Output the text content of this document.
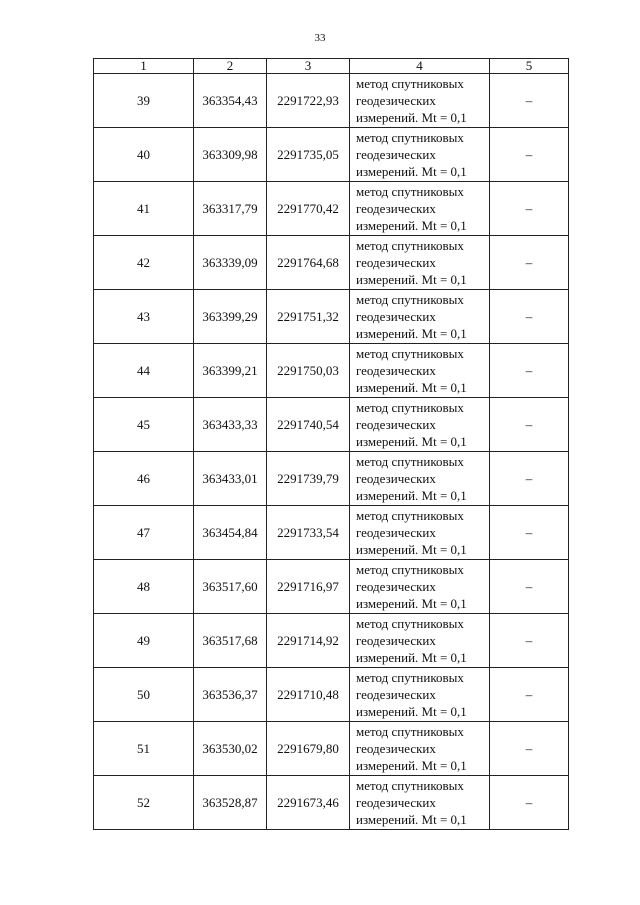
33
1	2	3	4	5
39	363354,43	2291722,93	метод спутниковых
геодезических
измерений. Mt = 0,1	–
40	363309,98	2291735,05	метод спутниковых
геодезических
измерений. Mt = 0,1	–
41	363317,79	2291770,42	метод спутниковых
геодезических
измерений. Mt = 0,1	–
42	363339,09	2291764,68	метод спутниковых
геодезических
измерений. Mt = 0,1	–
43	363399,29	2291751,32	метод спутниковых
геодезических
измерений. Mt = 0,1	–
44	363399,21	2291750,03	метод спутниковых
геодезических
измерений. Mt = 0,1	–
45	363433,33	2291740,54	метод спутниковых
геодезических
измерений. Mt = 0,1	–
46	363433,01	2291739,79	метод спутниковых
геодезических
измерений. Mt = 0,1	–
47	363454,84	2291733,54	метод спутниковых
геодезических
измерений. Mt = 0,1	–
48	363517,60	2291716,97	метод спутниковых
геодезических
измерений. Mt = 0,1	–
49	363517,68	2291714,92	метод спутниковых
геодезических
измерений. Mt = 0,1	–
50	363536,37	2291710,48	метод спутниковых
геодезических
измерений. Mt = 0,1	–
51	363530,02	2291679,80	метод спутниковых
геодезических
измерений. Mt = 0,1	–
52	363528,87	2291673,46	метод спутниковых
геодезических
измерений. Mt = 0,1	–
